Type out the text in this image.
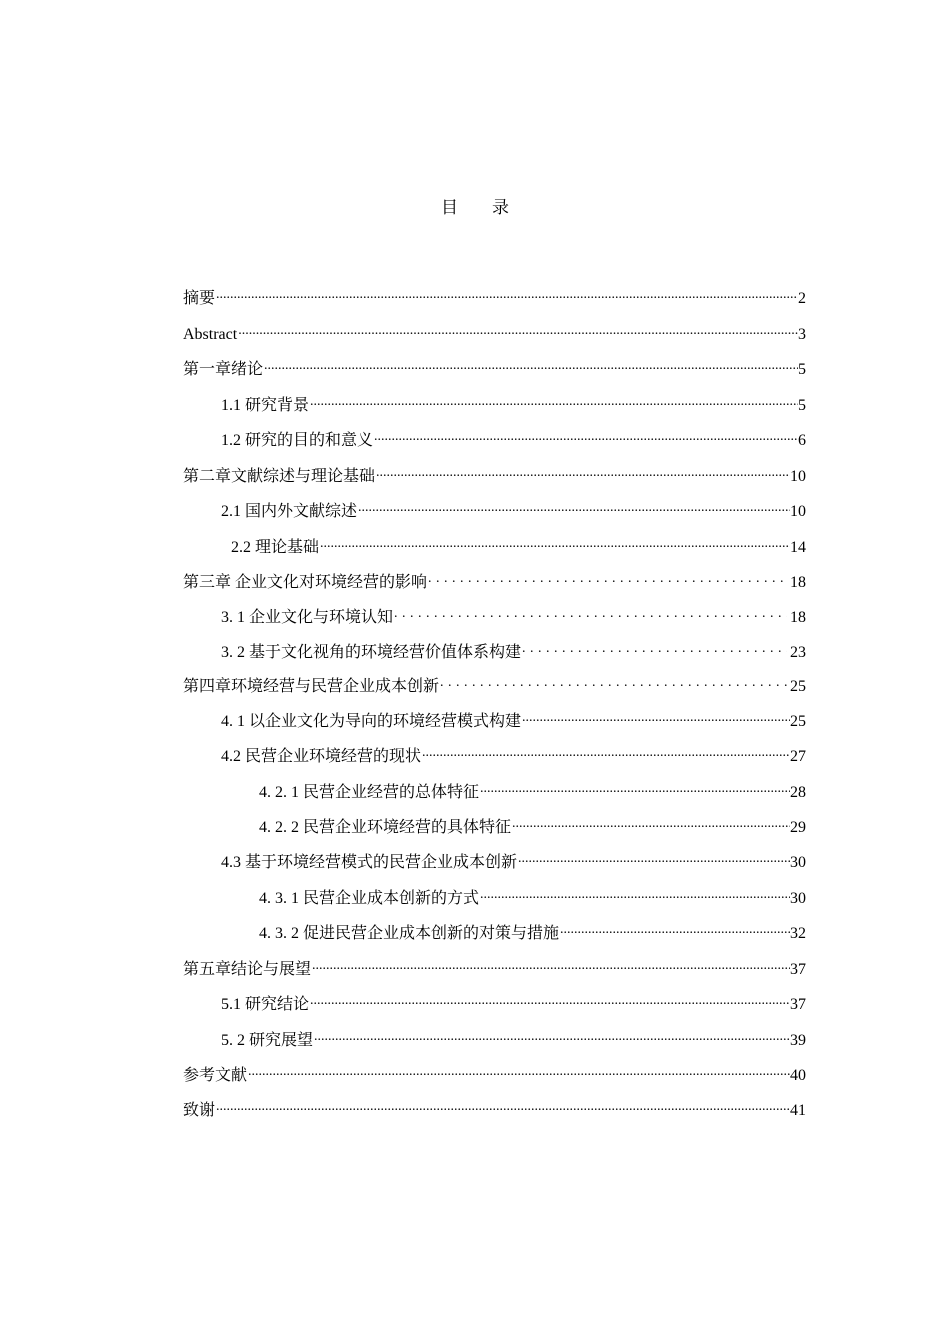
目 录
摘要 .....	2
Abstract .....	3
第一章绪论 .....	5
1.1 研究背景 .....	5
1.2 研究的目的和意义 .....	6
第二章文献综述与理论基础 .....	10
2.1 国内外文献综述 .....	10
2.2 理论基础 .....	14
第三章 企业文化对环境经营的影响 . . .	18
3. 1 企业文化与环境认知 . . .	18
3. 2 基于文化视角的环境经营价值体系构建 . . .	23
第四章环境经营与民营企业成本创新 . . .	25
4. 1 以企业文化为导向的环境经营模式构建 .....	25
4.2 民营企业环境经营的现状 .....	27
4. 2. 1 民营企业经营的总体特征 .....	28
4. 2. 2 民营企业环境经营的具体特征 .....	29
4.3 基于环境经营模式的民营企业成本创新 .....	30
4. 3. 1 民营企业成本创新的方式 .....	30
4. 3. 2 促进民营企业成本创新的对策与措施 .....	32
第五章结论与展望 .....	37
5.1 研究结论 .....	37
5. 2 研究展望 .....	39
参考文献 .....	40
致谢 .....	41
